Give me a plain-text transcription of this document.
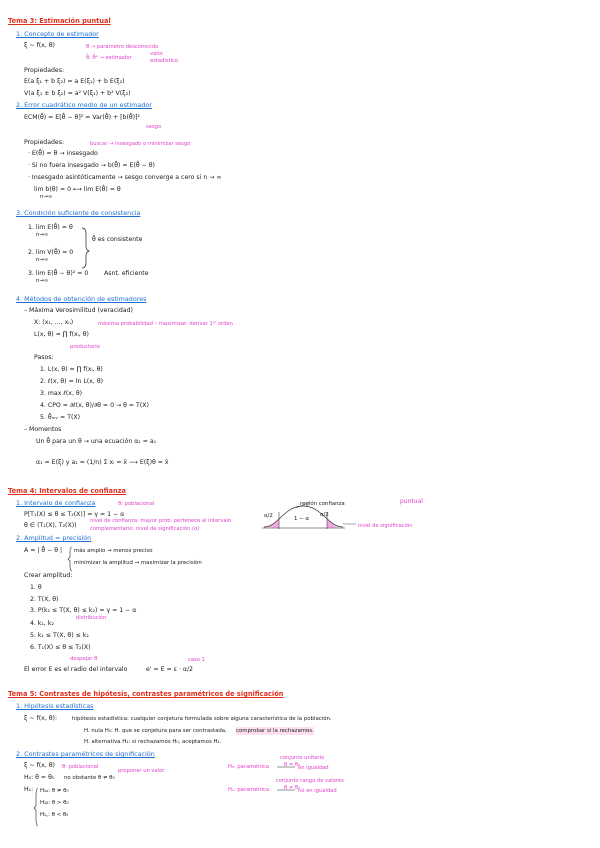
Tema 3: Estimación puntual
1. Concepto de estimador
ξ ~ f(x, θ)	θ → parámetro desconocido
θ̂, θ̂ᵉ → estimador
valor
estadístico
Propiedades:
E(a ξ₁ + b ξ₂) = a E(ξ₁) + b E(ξ₂)
V(a ξ₁ ± b ξ₂) = a² V(ξ₁) + b² V(ξ₂)
2. Error cuadrático medio de un estimador
ECM(θ̂) = E[θ̂ − θ]² = Var(θ̂) + [b(θ̂)]²
sesgo
Propiedades:	buscar → insesgado o minimizar sesgo
· E(θ̂) = θ → insesgado
· Si no fuera insesgado → b(θ̂) = E(θ̂ − θ)
· Insesgado asintóticamente → sesgo converge a cero si n → ∞
lim b(θ) = 0 ⟷ lim E(θ̂) = θ
n→∞
3. Condición suficiente de consistencia
1. lim E(θ̂) = θ
n→∞
2. lim V(θ̂) = 0
n→∞
θ̂ es consistente
3. lim E(θ̂ − θ)² = 0
n→∞
Asnt. eficiente
4. Métodos de obtención de estimadores
– Máxima Verosimilitud (veracidad)
X: (x₁, ..., xₙ)	máxima probabilidad – maximizar: derivar 1ᵉʳ orden
L(x, θ) = ∏ f(xᵢ, θ)
productorio
Pasos:
1. L(x, θ) = ∏ f(xᵢ, θ)
2. ℓ(x, θ) = ln L(x, θ)
3. max ℓ(x, θ)
4. CPO = ∂ℓ(x, θ)/∂θ = 0 → θ = T(X)
5. θ̂ₘᵥ = T(X)
– Momentos
Un θ̂ para un θ → una ecuación α₁ = a₁
α₁ = E(ξ) y a₁ = (1/n) Σ xᵢ = x̄ ⟶ E(ξ)θ = x̄
Tema 4: Intervalos de confianza
1. Intervalo de confianza	θ: poblacional
P[T₁(X) ≤ θ ≤ T₂(X)] = γ = 1 − α
θ ∈ (T₁(X), T₂(X))
nivel de confianza: mayor prob. pertenece al intervalo
complementario: nivel de significación (α)
región confianza
α/2	α/2
1 − α
nivel de significación
puntual
2. Amplitud = precisión
A = | θ̂ − θ | más amplio → menos preciso
minimizar la amplitud → maximizar la precisión
Crear amplitud:
1. θ
2. T(X, θ)
3. P(k₁ ≤ T(X, θ) ≤ k₂) = γ = 1 − α
distribución
4. k₁, k₂
5. k₁ ≤ T(X, θ) ≤ k₂
6. T₁(X) ≤ θ ≤ T₂(X)
despejar θ
El error E es el radio del intervalo	e' = E = ε · α/2
caso 1
Tema 5: Contrastes de hipótesis, contrastes paramétricos de significación
1. Hipótesis estadísticas
ξ ~ f(x, θ):	hipótesis estadística: cualquier conjetura formulada sobre alguna característica de la población.
H. nula H₀: H. que se conjetura para ser contrastada, comprobar si la rechazamos.
H. alternativa H₁: si rechazamos H₀, aceptamos H₁.
2. Contrastes paramétricos de significación
ξ ~ f(x, θ) θ: poblacional
proponer un valor
H₀: θ = θ₀ no obstante θ ≠ θ₀
H₁: H₁ₐ: θ ≠ θ₀
H₁ᵦ: θ > θ₀
H₁꜀: θ < θ₀
H₀: paramétrica
conjunto unitario
θ = θ₀
en igualdad
H₁: paramétrica
conjunto rango de valores
θ ≠ θ₀
no en igualdad
